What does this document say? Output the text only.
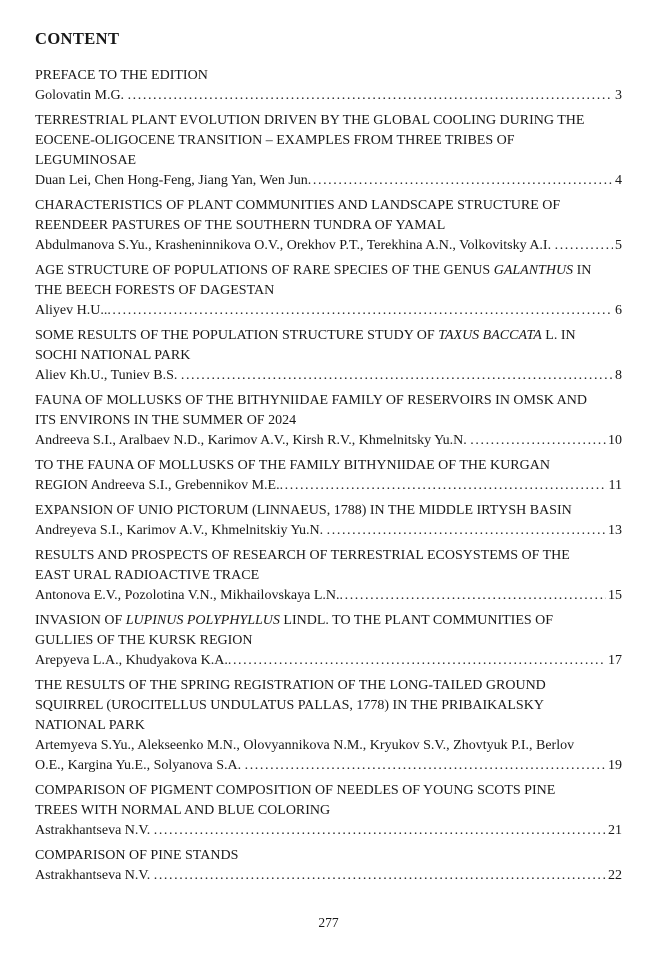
CONTENT
PREFACE TO THE EDITION
Golovatin M.G. .....	3
TERRESTRIAL PLANT EVOLUTION DRIVEN BY THE GLOBAL COOLING DURING THE
EOCENE-OLIGOCENE TRANSITION – EXAMPLES FROM THREE TRIBES OF
LEGUMINOSAE
Duan Lei, Chen Hong-Feng, Jiang Yan, Wen Jun .....	4
CHARACTERISTICS OF PLANT COMMUNITIES AND LANDSCAPE STRUCTURE OF
REENDEER PASTURES OF THE SOUTHERN TUNDRA OF YAMAL
Abdulmanova S.Yu., Krasheninnikova O.V., Orekhov P.T., Terekhina A.N., Volkovitsky A.I. .....	5
AGE STRUCTURE OF POPULATIONS OF RARE SPECIES OF THE GENUS GALANTHUS IN
THE BEECH FORESTS OF DAGESTAN
Aliyev H.U.. .....	6
SOME RESULTS OF THE POPULATION STRUCTURE STUDY OF TAXUS BACCATA L. IN
SOCHI NATIONAL PARK
Aliev Kh.U., Tuniev B.S. .....	8
FAUNA OF MOLLUSKS OF THE BITHYNIIDAE FAMILY OF RESERVOIRS IN OMSK AND
ITS ENVIRONS IN THE SUMMER OF 2024
Andreeva S.I., Aralbaev N.D., Karimov A.V., Kirsh R.V., Khmelnitsky Yu.N. .....	10
TO THE FAUNA OF MOLLUSKS OF THE FAMILY BITHYNIIDAE OF THE KURGAN
REGION Andreeva S.I., Grebennikov M.E. .....	11
EXPANSION OF UNIO PICTORUM (LINNAEUS, 1788) IN THE MIDDLE IRTYSH BASIN
Andreyeva S.I., Karimov A.V., Khmelnitskiy Yu.N. .....	13
RESULTS AND PROSPECTS OF RESEARCH OF TERRESTRIAL ECOSYSTEMS OF THE
EAST URAL RADIOACTIVE TRACE
Antonova E.V., Pozolotina V.N., Mikhailovskaya L.N. .....	15
INVASION OF LUPINUS POLYPHYLLUS LINDL. TO THE PLANT COMMUNITIES OF
GULLIES OF THE KURSK REGION
Arepyeva L.A., Khudyakova K.A. .....	17
THE RESULTS OF THE SPRING REGISTRATION OF THE LONG-TAILED GROUND
SQUIRREL (UROCITELLUS UNDULATUS PALLAS, 1778) IN THE PRIBAIKALSKY
NATIONAL PARK
Artemyeva S.Yu., Alekseenko M.N., Olovyannikova N.M., Kryukov S.V., Zhovtyuk P.I., Berlov
O.E., Kargina Yu.E., Solyanova S.A. .....	19
COMPARISON OF PIGMENT COMPOSITION OF NEEDLES OF YOUNG SCOTS PINE
TREES WITH NORMAL AND BLUE COLORING
Astrakhantseva N.V. .....	21
COMPARISON OF PINE STANDS
Astrakhantseva N.V. .....	22
277
